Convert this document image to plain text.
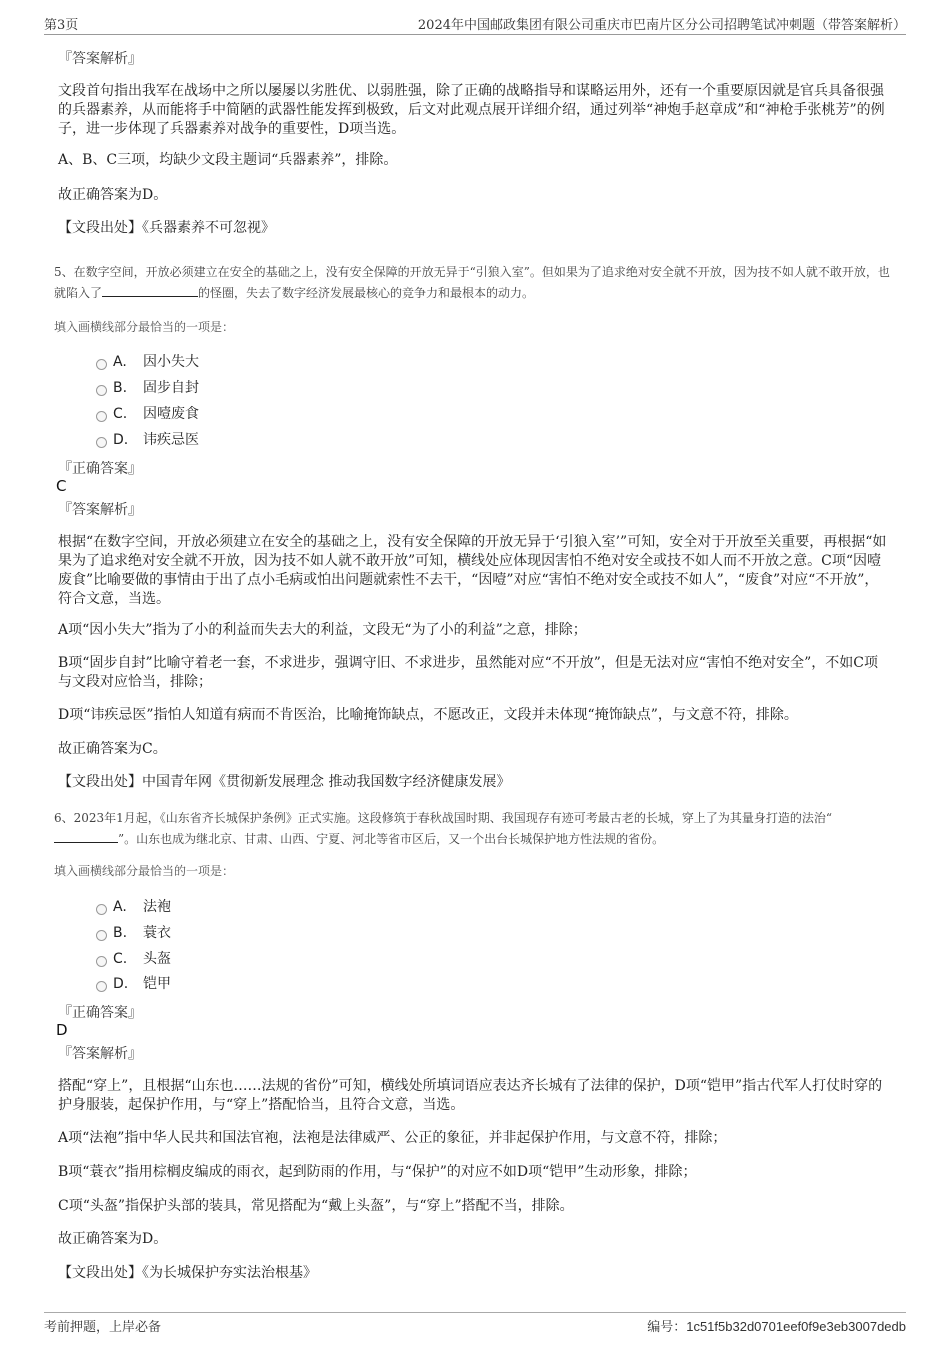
第3页	2024年中国邮政集团有限公司重庆市巴南片区分公司招聘笔试冲刺题（带答案解析）
『答案解析』
文段首句指出我军在战场中之所以屡屡以劣胜优、以弱胜强，除了正确的战略指导和谋略运用外，还有一个重要原因就是官兵具备很强的兵器素养，从而能将手中简陋的武器性能发挥到极致，后文对此观点展开详细介绍，通过列举“神炮手赵章成”和“神枪手张桃芳”的例子，进一步体现了兵器素养对战争的重要性，D项当选。
A、B、C三项，均缺少文段主题词“兵器素养”，排除。
故正确答案为D。
【文段出处】《兵器素养不可忽视》
5、在数字空间，开放必须建立在安全的基础之上，没有安全保障的开放无异于“引狼入室”。但如果为了追求绝对安全就不开放，因为技不如人就不敢开放，也就陷入了	的怪圈，失去了数字经济发展最核心的竞争力和最根本的动力。
填入画横线部分最恰当的一项是：
A. 因小失大
B. 固步自封
C. 因噎废食
D. 讳疾忌医
『正确答案』
C
『答案解析』
根据“在数字空间，开放必须建立在安全的基础之上，没有安全保障的开放无异于‘引狼入室’”可知，安全对于开放至关重要，再根据“如果为了追求绝对安全就不开放，因为技不如人就不敢开放”可知，横线处应体现因害怕不绝对安全或技不如人而不开放之意。C项“因噎废食”比喻要做的事情由于出了点小毛病或怕出问题就索性不去干，“因噎”对应“害怕不绝对安全或技不如人”，“废食”对应“不开放”，符合文意，当选。
A项“因小失大”指为了小的利益而失去大的利益，文段无“为了小的利益”之意，排除；
B项“固步自封”比喻守着老一套，不求进步，强调守旧、不求进步，虽然能对应“不开放”，但是无法对应“害怕不绝对安全”，不如C项与文段对应恰当，排除；
D项“讳疾忌医”指怕人知道有病而不肯医治，比喻掩饰缺点，不愿改正，文段并未体现“掩饰缺点”，与文意不符，排除。
故正确答案为C。
【文段出处】中国青年网《贯彻新发展理念 推动我国数字经济健康发展》
6、2023年1月起，《山东省齐长城保护条例》正式实施。这段修筑于春秋战国时期、我国现存有迹可考最古老的长城，穿上了为其量身打造的法治“”。山东也成为继北京、甘肃、山西、宁夏、河北等省市区后，又一个出台长城保护地方性法规的省份。
填入画横线部分最恰当的一项是：
A. 法袍
B. 蓑衣
C. 头盔
D. 铠甲
『正确答案』
D
『答案解析』
搭配“穿上”，且根据“山东也……法规的省份”可知，横线处所填词语应表达齐长城有了法律的保护，D项“铠甲”指古代军人打仗时穿的护身服装，起保护作用，与“穿上”搭配恰当，且符合文意，当选。
A项“法袍”指中华人民共和国法官袍，法袍是法律威严、公正的象征，并非起保护作用，与文意不符，排除；
B项“蓑衣”指用棕榈皮编成的雨衣，起到防雨的作用，与“保护”的对应不如D项“铠甲”生动形象，排除；
C项“头盔”指保护头部的装具，常见搭配为“戴上头盔”，与“穿上”搭配不当，排除。
故正确答案为D。
【文段出处】《为长城保护夯实法治根基》
考前押题，上岸必备	编号：1c51f5b32d0701eef0f9e3eb3007dedb
